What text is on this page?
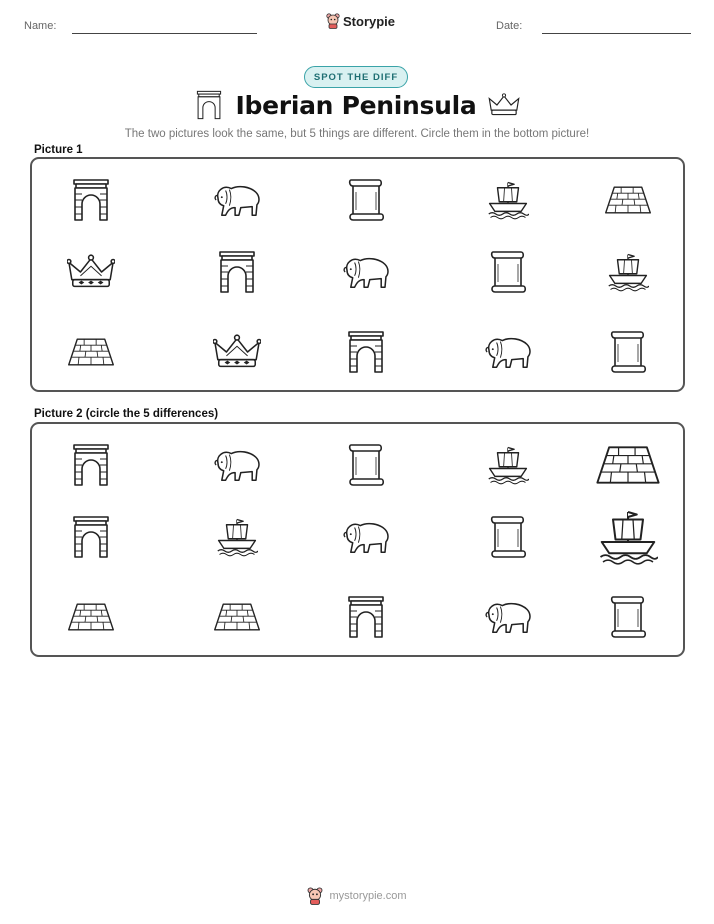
Name:	Storypie	Date:
SPOT THE DIFF
Iberian Peninsula
The two pictures look the same, but 5 things are different. Circle them in the bottom picture!
Picture 1
Picture 2 (circle the 5 differences)
mystorypie.com
